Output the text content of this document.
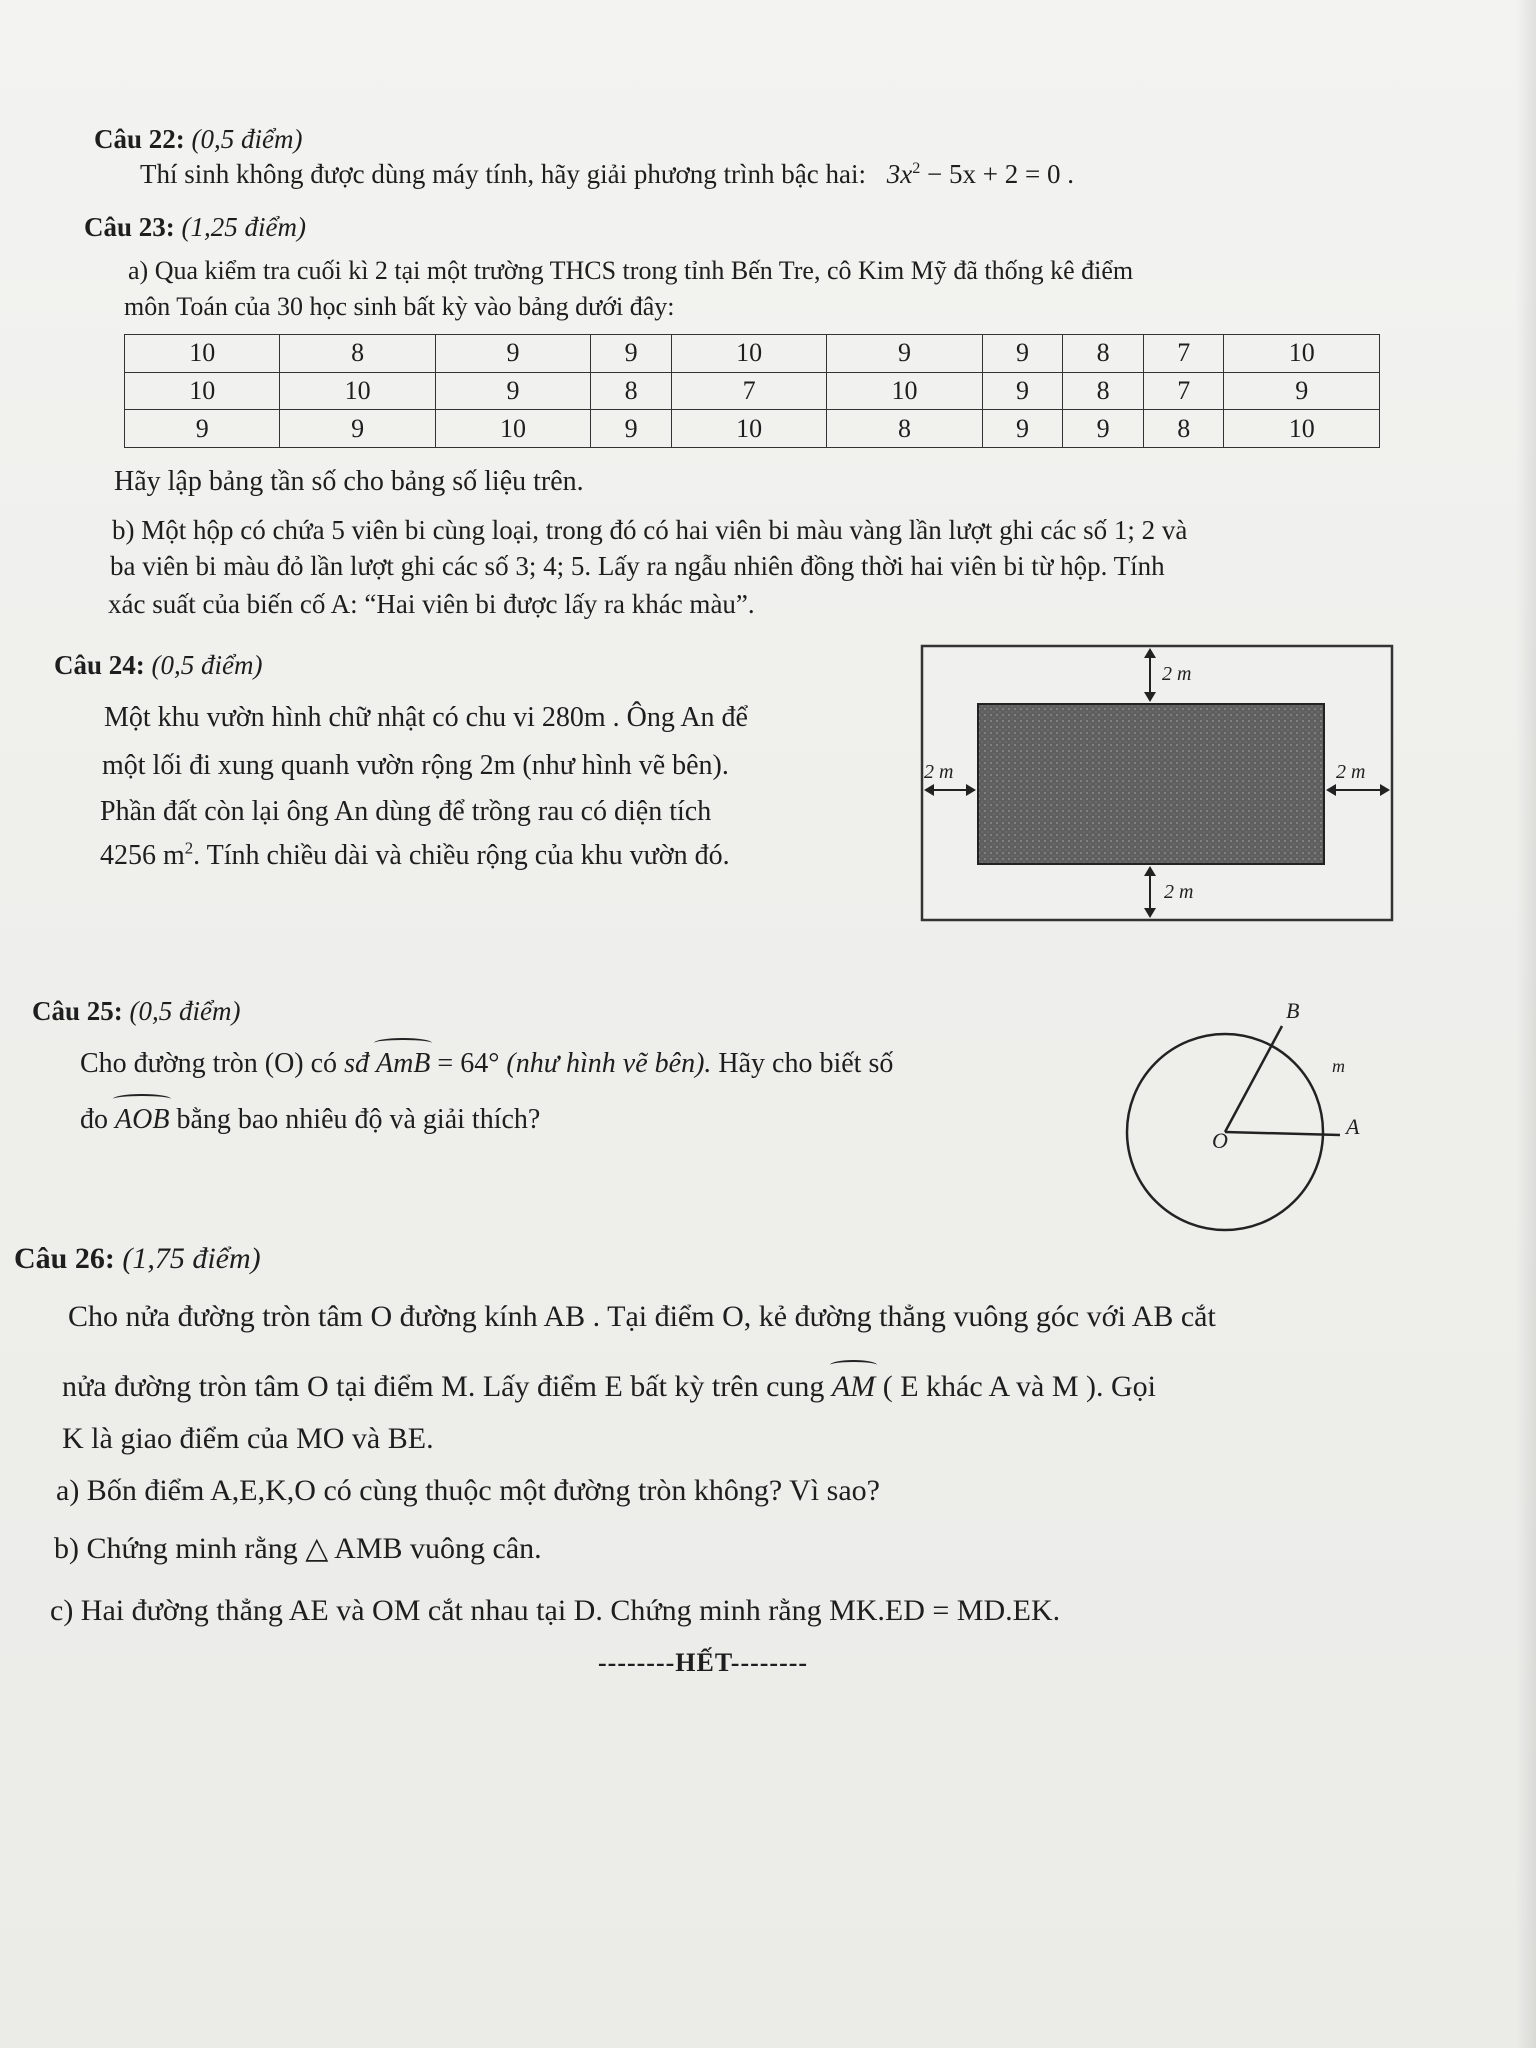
Câu 22: (0,5 điểm)
Thí sinh không được dùng máy tính, hãy giải phương trình bậc hai: $3x^2 - 5x + 2 = 0$ .
Câu 23: (1,25 điểm)
a) Qua kiểm tra cuối kì 2 tại một trường THCS trong tỉnh Bến Tre, cô Kim Mỹ đã thống kê điểm
môn Toán của 30 học sinh bất kỳ vào bảng dưới đây:
10	8	9	9	10	9	9	8	7	10
10	10	9	8	7	10	9	8	7	9
9	9	10	9	10	8	9	9	8	10
Hãy lập bảng tần số cho bảng số liệu trên.
b) Một hộp có chứa 5 viên bi cùng loại, trong đó có hai viên bi màu vàng lần lượt ghi các số 1; 2 và
ba viên bi màu đỏ lần lượt ghi các số 3; 4; 5. Lấy ra ngẫu nhiên đồng thời hai viên bi từ hộp. Tính
xác suất của biến cố A: “Hai viên bi được lấy ra khác màu”.
Câu 24: (0,5 điểm)
Một khu vườn hình chữ nhật có chu vi 280m . Ông An để
một lối đi xung quanh vườn rộng 2m (như hình vẽ bên).
Phần đất còn lại ông An dùng để trồng rau có diện tích
4256 $m^2$. Tính chiều dài và chiều rộng của khu vườn đó.
2 m
2 m	2 m
2 m
Câu 25: (0,5 điểm)
Cho đường tròn (O) có sđ AmB = 64° (như hình vẽ bên). Hãy cho biết số
đo AOB bằng bao nhiêu độ và giải thích?
B
m
O
A
Câu 26: (1,75 điểm)
Cho nửa đường tròn tâm O đường kính AB . Tại điểm O, kẻ đường thẳng vuông góc với AB cắt
nửa đường tròn tâm O tại điểm M. Lấy điểm E bất kỳ trên cung AM ( E khác A và M ). Gọi
K là giao điểm của MO và BE.
a) Bốn điểm A,E,K,O có cùng thuộc một đường tròn không? Vì sao?
b) Chứng minh rằng △ AMB vuông cân.
c) Hai đường thẳng AE và OM cắt nhau tại D. Chứng minh rằng MK.ED = MD.EK.
--------HẾT--------
